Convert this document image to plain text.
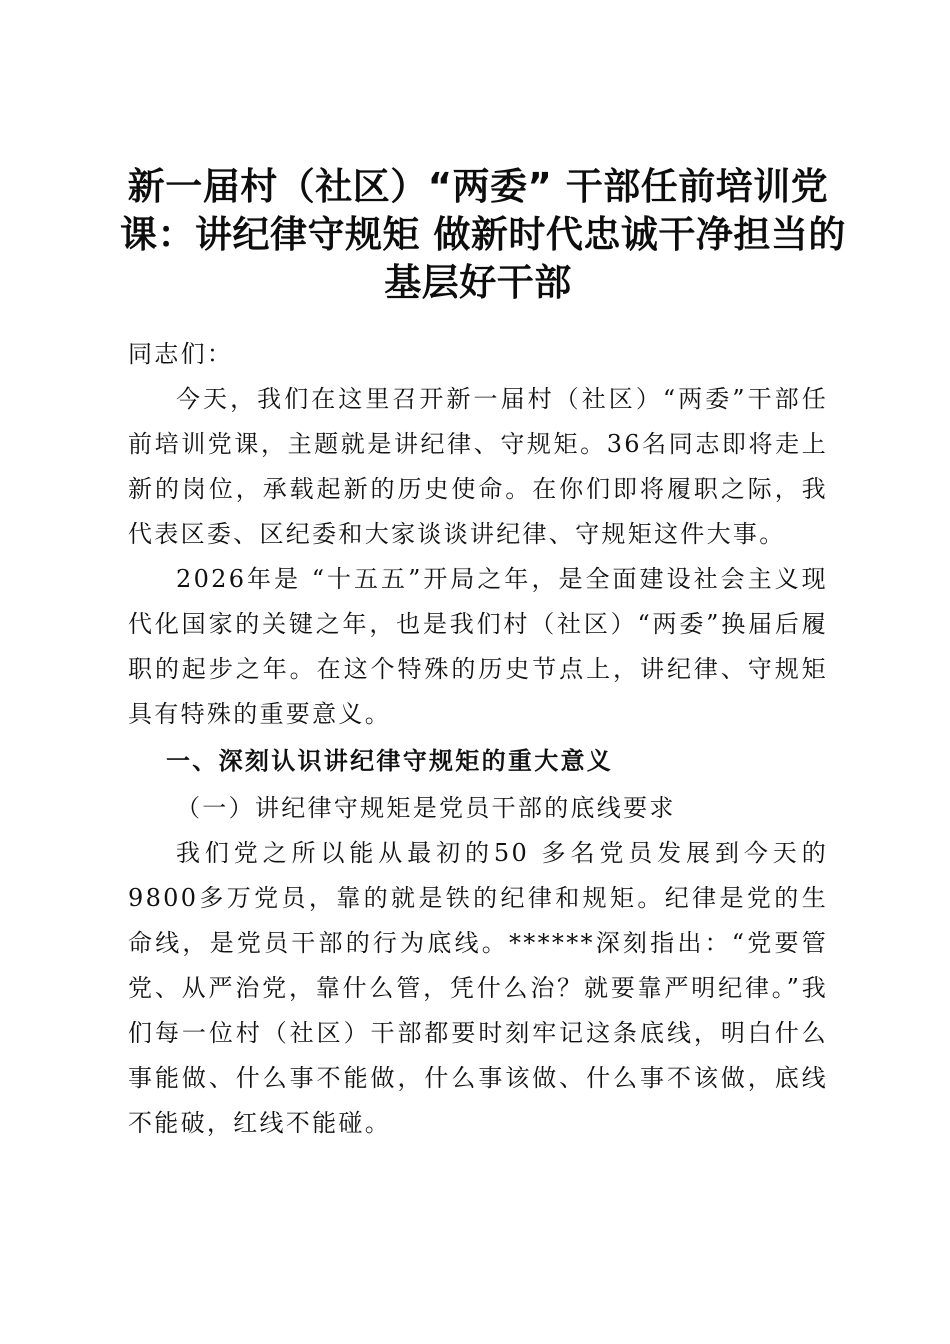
新一届村（社区）“两委” 干部任前培训党
课：讲纪律守规矩 做新时代忠诚干净担当的
基层好干部

同志们：

今天，我们在这里召开新一届村（社区）“两委”干部任前培训党课，主题就是讲纪律、守规矩。36名同志即将走上新的岗位，承载起新的历史使命。在你们即将履职之际，我代表区委、区纪委和大家谈谈讲纪律、守规矩这件大事。

2026年是 “十五五”开局之年，是全面建设社会主义现代化国家的关键之年，也是我们村（社区）“两委”换届后履职的起步之年。在这个特殊的历史节点上，讲纪律、守规矩具有特殊的重要意义。

一、深刻认识讲纪律守规矩的重大意义

（一）讲纪律守规矩是党员干部的底线要求

我们党之所以能从最初的50 多名党员发展到今天的9800多万党员，靠的就是铁的纪律和规矩。纪律是党的生命线，是党员干部的行为底线。******深刻指出：“党要管党、从严治党，靠什么管，凭什么治？就要靠严明纪律。”我们每一位村（社区）干部都要时刻牢记这条底线，明白什么事能做、什么事不能做，什么事该做、什么事不该做，底线不能破，红线不能碰。
